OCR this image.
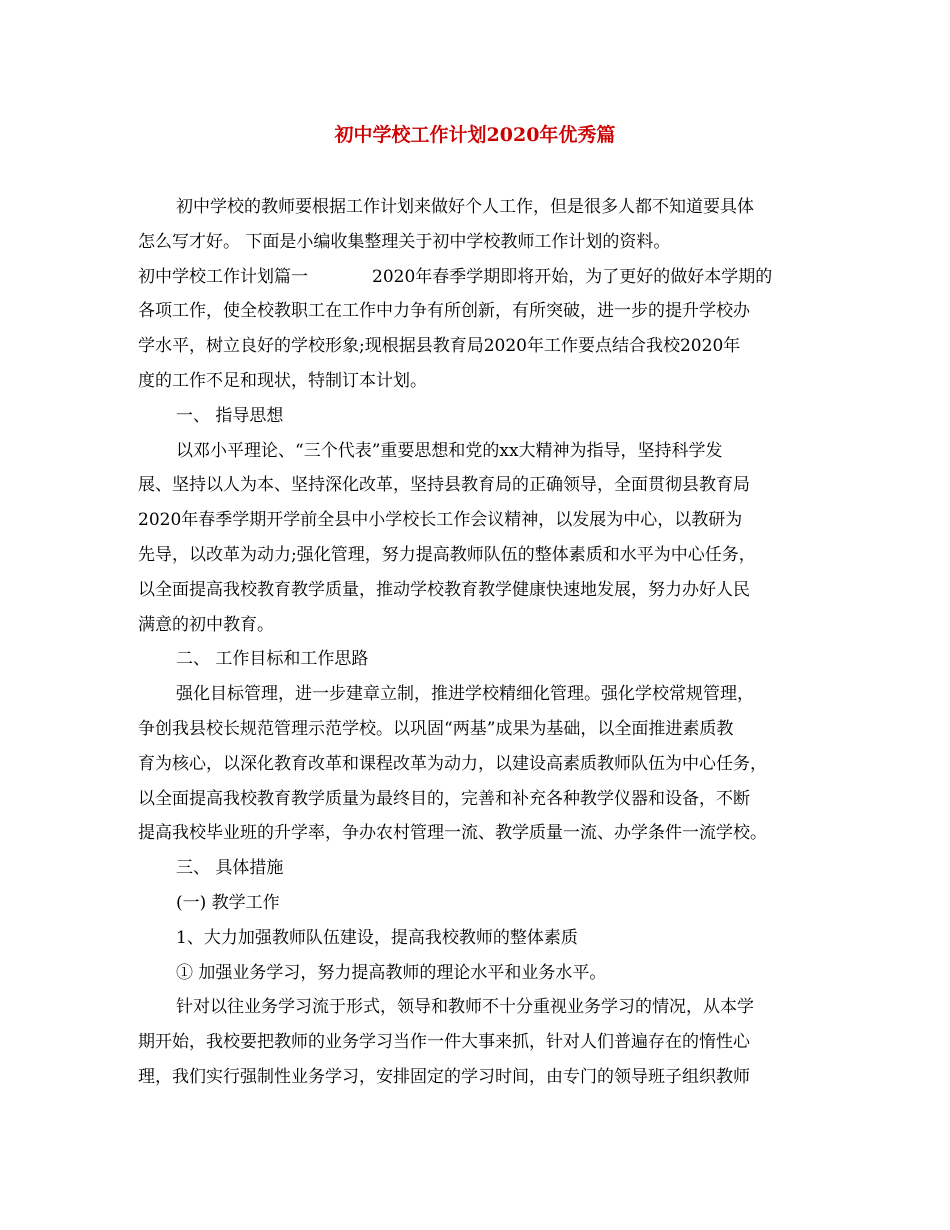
初中学校工作计划2020年优秀篇
初中学校的教师要根据工作计划来做好个人工作，但是很多人都不知道要具体
怎么写才好。 下面是小编收集整理关于初中学校教师工作计划的资料。
初中学校工作计划篇一	2020年春季学期即将开始，为了更好的做好本学期的
各项工作，使全校教职工在工作中力争有所创新，有所突破，进一步的提升学校办
学水平，树立良好的学校形象;现根据县教育局2020年工作要点结合我校2020年
度的工作不足和现状，特制订本计划。
一、 指导思想
以邓小平理论、“三个代表”重要思想和党的xx大精神为指导，坚持科学发
展、坚持以人为本、坚持深化改革，坚持县教育局的正确领导，全面贯彻县教育局
2020年春季学期开学前全县中小学校长工作会议精神，以发展为中心，以教研为
先导，以改革为动力;强化管理，努力提高教师队伍的整体素质和水平为中心任务，
以全面提高我校教育教学质量，推动学校教育教学健康快速地发展，努力办好人民
满意的初中教育。
二、 工作目标和工作思路
强化目标管理，进一步建章立制，推进学校精细化管理。强化学校常规管理，
争创我县校长规范管理示范学校。以巩固“两基”成果为基础，以全面推进素质教
育为核心，以深化教育改革和课程改革为动力，以建设高素质教师队伍为中心任务，
以全面提高我校教育教学质量为最终目的，完善和补充各种教学仪器和设备，不断
提高我校毕业班的升学率，争办农村管理一流、教学质量一流、办学条件一流学校。
三、 具体措施
(一) 教学工作
1、大力加强教师队伍建设，提高我校教师的整体素质
① 加强业务学习，努力提高教师的理论水平和业务水平。
针对以往业务学习流于形式，领导和教师不十分重视业务学习的情况，从本学
期开始，我校要把教师的业务学习当作一件大事来抓，针对人们普遍存在的惰性心
理，我们实行强制性业务学习，安排固定的学习时间，由专门的领导班子组织教师
